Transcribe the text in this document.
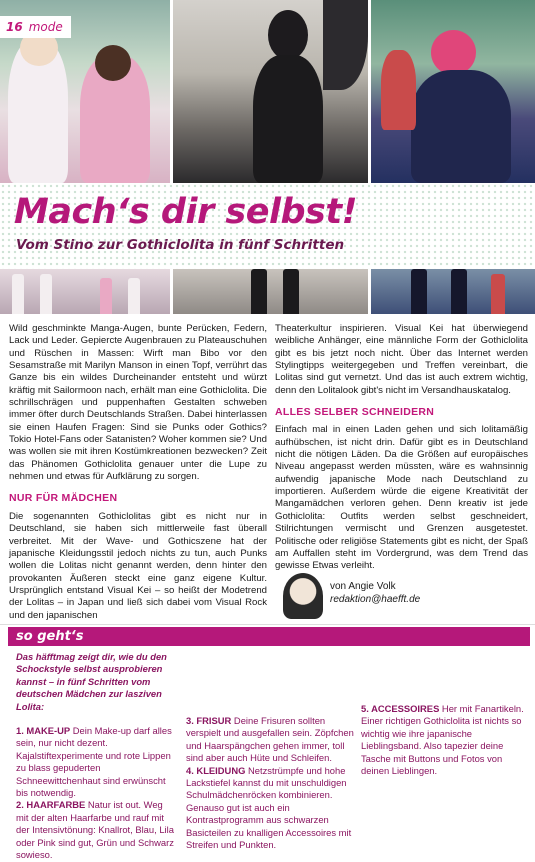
16 mode
Mach‘s dir selbst!
Vom Stino zur Gothiclolita in fünf Schritten

Wild geschminkte Manga-Augen, bunte Perücken, Federn, Lack und Leder. Gepiercte Augenbrauen zu Plateauschuhen und Rüschen in Massen: Wirft man Bibo vor den Sesamstraße mit Marilyn Manson in einen Topf, verrührt das Ganze bis ein wildes Durcheinander entsteht und würzt kräftig mit Sailormoon nach, erhält man eine Gothiclolita. Die schrillschrägen und puppenhaften Gestalten schweben immer öfter durch Deutschlands Straßen. Dabei hinterlassen sie einen Haufen Fragen: Sind sie Punks oder Gothics? Tokio Hotel-Fans oder Satanisten? Woher kommen sie? Und was wollen sie mit ihren Kostümkreationen bezwecken? Zeit das Phänomen Gothiclolita genauer unter die Lupe zu nehmen und etwas für Aufklärung zu sorgen.

NUR FÜR MÄDCHEN

Die sogenannten Gothiclolitas gibt es nicht nur in Deutschland, sie haben sich mittlerweile fast überall verbreitet. Mit der Wave- und Gothicszene hat der japanische Kleidungsstil jedoch nichts zu tun, auch Punks wollen die Lolitas nicht genannt werden, denn hinter den provokanten Äußeren steckt eine ganz eigene Kultur. Ursprünglich entstand Visual Kei – so heißt der Modetrend der Lolitas – in Japan und ließ sich dabei vom Visual Rock und den japanischen

Theaterkultur inspirieren. Visual Kei hat überwiegend weibliche Anhänger, eine männliche Form der Gothiclolita gibt es bis jetzt noch nicht. Über das Internet werden Stylingtipps weitergegeben und Treffen vereinbart, die Lolitas sind gut vernetzt. Und das ist auch extrem wichtig, denn den Lolitalook gibt's nicht im Versandhauskatalog.

ALLES SELBER SCHNEIDERN

Einfach mal in einen Laden gehen und sich lolitamäßig aufhübschen, ist nicht drin. Dafür gibt es in Deutschland nicht die nötigen Läden. Da die Größen auf europäisches Niveau angepasst werden müssten, wäre es wahnsinnig aufwendig japanische Mode nach Deutschland zu importieren. Außerdem würde die eigene Kreativität der Mangamädchen verloren gehen. Denn kreativ ist jede Gothiclolita: Outfits werden selbst geschneidert, Stilrichtungen vermischt und Grenzen ausgetestet. Politische oder religiöse Statements gibt es nicht, der Spaß am Auffallen steht im Vordergrund, was dem Trend das gewisse Etwas verleiht.

von Angie Volk
redaktion@haefft.de
so geht‘s
Das häfftmag zeigt dir, wie du den Schockstyle selbst ausprobieren kannst – in fünf Schritten vom deutschen Mädchen zur lasziven Lolita:
1. MAKE-UP Dein Make-up darf alles sein, nur nicht dezent. Kajalstiftexperimente und rote Lippen zu blass gepuderten Schneewittchenhaut sind erwünscht bis notwendig.
2. HAARFARBE Natur ist out. Weg mit der alten Haarfarbe und rauf mit der Intensivtönung: Knallrot, Blau, Lila oder Pink sind gut, Grün und Schwarz sowieso.
3. FRISUR Deine Frisuren sollten verspielt und ausgefallen sein. Zöpfchen und Haarspängchen gehen immer, toll sind aber auch Hüte und Schleifen.
4. KLEIDUNG Netzstrümpfe und hohe Lackstiefel kannst du mit unschuldigen Schulmädchenröcken kombinieren. Genauso gut ist auch ein Kontrastprogramm aus schwarzen Basicteilen zu knalligen Accessoires mit Streifen und Punkten.
5. ACCESSOIRES Her mit Fanartikeln. Einer richtigen Gothiclolita ist nichts so wichtig wie ihre japanische Lieblingsband. Also tapezier deine Tasche mit Buttons und Fotos von deinen Lieblingen.
